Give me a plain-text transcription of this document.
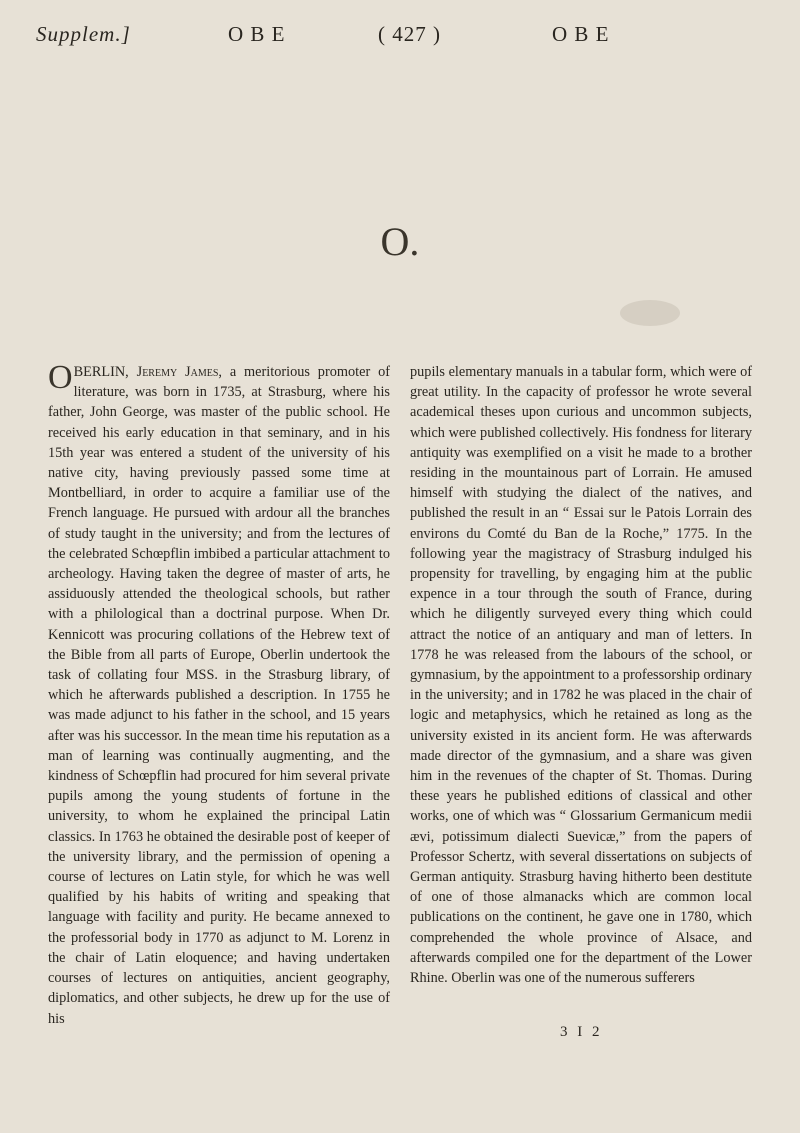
Supplem.]	O B E	( 427 )	O B E
O.

OBERLIN, Jeremy James, a meritorious promoter of literature, was born in 1735, at Strasburg, where his father, John George, was master of the public school. He received his early education in that seminary, and in his 15th year was entered a student of the university of his native city, having previously passed some time at Montbelliard, in order to acquire a familiar use of the French language. He pursued with ardour all the branches of study taught in the university; and from the lectures of the celebrated Schœpflin imbibed a particular attachment to archeology. Having taken the degree of master of arts, he assiduously attended the theological schools, but rather with a philological than a doctrinal purpose. When Dr. Kennicott was procuring collations of the Hebrew text of the Bible from all parts of Europe, Oberlin undertook the task of collating four MSS. in the Strasburg library, of which he afterwards published a description. In 1755 he was made adjunct to his father in the school, and 15 years after was his successor. In the mean time his reputation as a man of learning was continually augmenting, and the kindness of Schœpflin had procured for him several private pupils among the young students of fortune in the university, to whom he explained the principal Latin classics. In 1763 he obtained the desirable post of keeper of the university library, and the permission of opening a course of lectures on Latin style, for which he was well qualified by his habits of writing and speaking that language with facility and purity. He became annexed to the professorial body in 1770 as adjunct to M. Lorenz in the chair of Latin eloquence; and having undertaken courses of lectures on antiquities, ancient geography, diplomatics, and other subjects, he drew up for the use of his

pupils elementary manuals in a tabular form, which were of great utility. In the capacity of professor he wrote several academical theses upon curious and uncommon subjects, which were published collectively. His fondness for literary antiquity was exemplified on a visit he made to a brother residing in the mountainous part of Lorrain. He amused himself with studying the dialect of the natives, and published the result in an “ Essai sur le Patois Lorrain des environs du Comté du Ban de la Roche,” 1775. In the following year the magistracy of Strasburg indulged his propensity for travelling, by engaging him at the public expence in a tour through the south of France, during which he diligently surveyed every thing which could attract the notice of an antiquary and man of letters. In 1778 he was released from the labours of the school, or gymnasium, by the appointment to a professorship ordinary in the university; and in 1782 he was placed in the chair of logic and metaphysics, which he retained as long as the university existed in its ancient form. He was afterwards made director of the gymnasium, and a share was given him in the revenues of the chapter of St. Thomas. During these years he published editions of classical and other works, one of which was “ Glossarium Germanicum medii ævi, potissimum dialecti Suevicæ,” from the papers of Professor Schertz, with several dissertations on subjects of German antiquity. Strasburg having hitherto been destitute of one of those almanacks which are common local publications on the continent, he gave one in 1780, which comprehended the whole province of Alsace, and afterwards compiled one for the department of the Lower Rhine. Oberlin was one of the numerous sufferers

3 I 2
